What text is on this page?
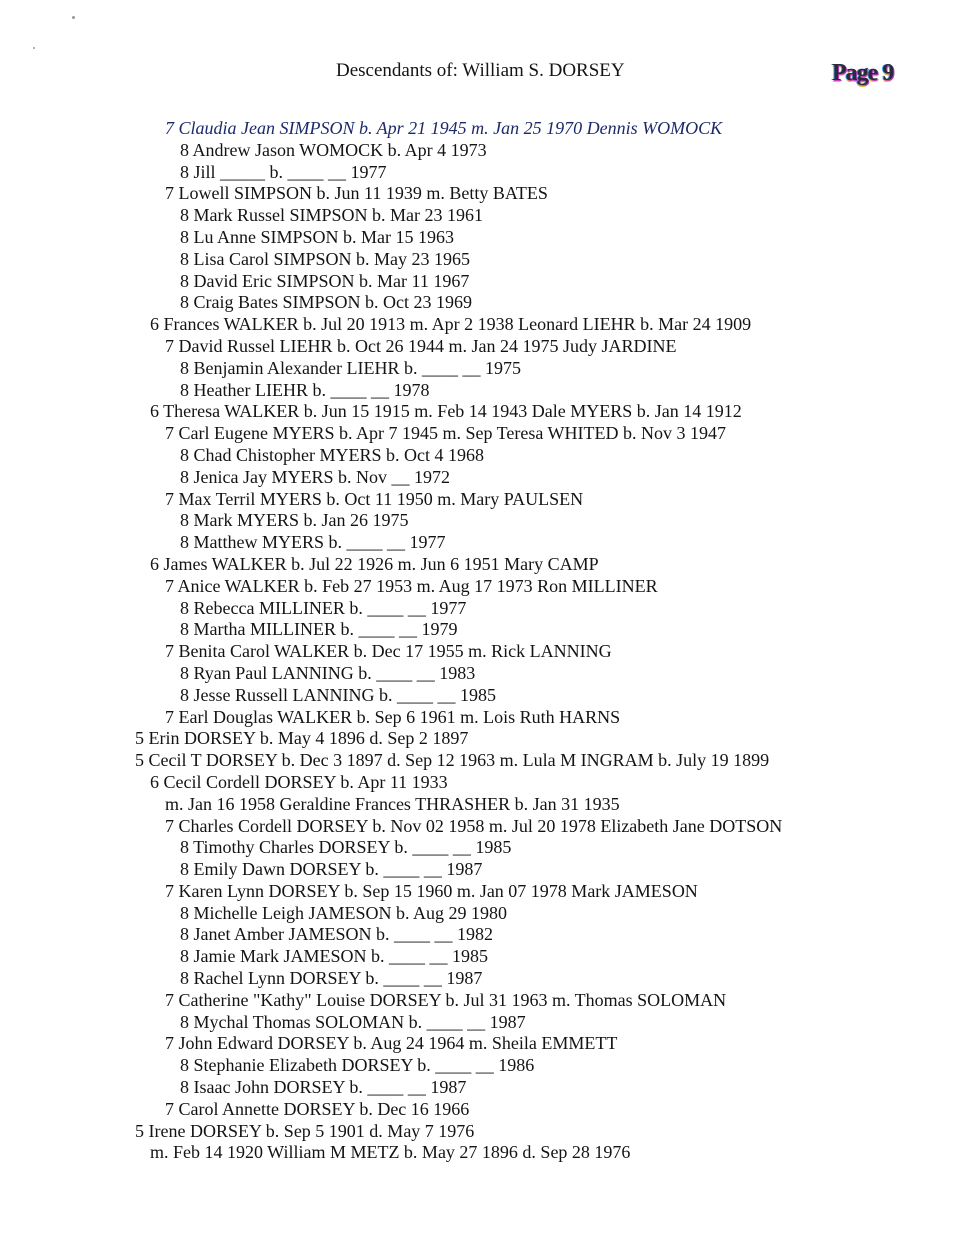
Descendants of: William S. DORSEY	Page 9
7 Claudia Jean SIMPSON b. Apr 21 1945 m. Jan 25 1970 Dennis WOMOCK
8 Andrew Jason WOMOCK b. Apr 4 1973
8 Jill _____ b. ____ __ 1977
7 Lowell SIMPSON b. Jun 11 1939 m. Betty BATES
8 Mark Russel SIMPSON b. Mar 23 1961
8 Lu Anne SIMPSON b. Mar 15 1963
8 Lisa Carol SIMPSON b. May 23 1965
8 David Eric SIMPSON b. Mar 11 1967
8 Craig Bates SIMPSON b. Oct 23 1969
6 Frances WALKER b. Jul 20 1913 m. Apr 2 1938 Leonard LIEHR b. Mar 24 1909
7 David Russel LIEHR b. Oct 26 1944 m. Jan 24 1975 Judy JARDINE
8 Benjamin Alexander LIEHR b. ____ __ 1975
8 Heather LIEHR b. ____ __ 1978
6 Theresa WALKER b. Jun 15 1915 m. Feb 14 1943 Dale MYERS b. Jan 14 1912
7 Carl Eugene MYERS b. Apr 7 1945 m. Sep Teresa WHITED b. Nov 3 1947
8 Chad Chistopher MYERS b. Oct 4 1968
8 Jenica Jay MYERS b. Nov __ 1972
7 Max Terril MYERS b. Oct 11 1950 m. Mary PAULSEN
8 Mark MYERS b. Jan 26 1975
8 Matthew MYERS b. ____ __ 1977
6 James WALKER b. Jul 22 1926 m. Jun 6 1951 Mary CAMP
7 Anice WALKER b. Feb 27 1953 m. Aug 17 1973 Ron MILLINER
8 Rebecca MILLINER b. ____ __ 1977
8 Martha MILLINER b. ____ __ 1979
7 Benita Carol WALKER b. Dec 17 1955 m. Rick LANNING
8 Ryan Paul LANNING b. ____ __ 1983
8 Jesse Russell LANNING b. ____ __ 1985
7 Earl Douglas WALKER b. Sep 6 1961 m. Lois Ruth HARNS
5 Erin DORSEY b. May 4 1896 d. Sep 2 1897
5 Cecil T DORSEY b. Dec 3 1897 d. Sep 12 1963 m. Lula M INGRAM b. July 19 1899
6 Cecil Cordell DORSEY b. Apr 11 1933
m. Jan 16 1958 Geraldine Frances THRASHER b. Jan 31 1935
7 Charles Cordell DORSEY b. Nov 02 1958 m. Jul 20 1978 Elizabeth Jane DOTSON
8 Timothy Charles DORSEY b. ____ __ 1985
8 Emily Dawn DORSEY b. ____ __ 1987
7 Karen Lynn DORSEY b. Sep 15 1960 m. Jan 07 1978 Mark JAMESON
8 Michelle Leigh JAMESON b. Aug 29 1980
8 Janet Amber JAMESON b. ____ __ 1982
8 Jamie Mark JAMESON b. ____ __ 1985
8 Rachel Lynn DORSEY b. ____ __ 1987
7 Catherine "Kathy" Louise DORSEY b. Jul 31 1963 m. Thomas SOLOMAN
8 Mychal Thomas SOLOMAN b. ____ __ 1987
7 John Edward DORSEY b. Aug 24 1964 m. Sheila EMMETT
8 Stephanie Elizabeth DORSEY b. ____ __ 1986
8 Isaac John DORSEY b. ____ __ 1987
7 Carol Annette DORSEY b. Dec 16 1966
5 Irene DORSEY b. Sep 5 1901 d. May 7 1976
m. Feb 14 1920 William M METZ b. May 27 1896 d. Sep 28 1976
